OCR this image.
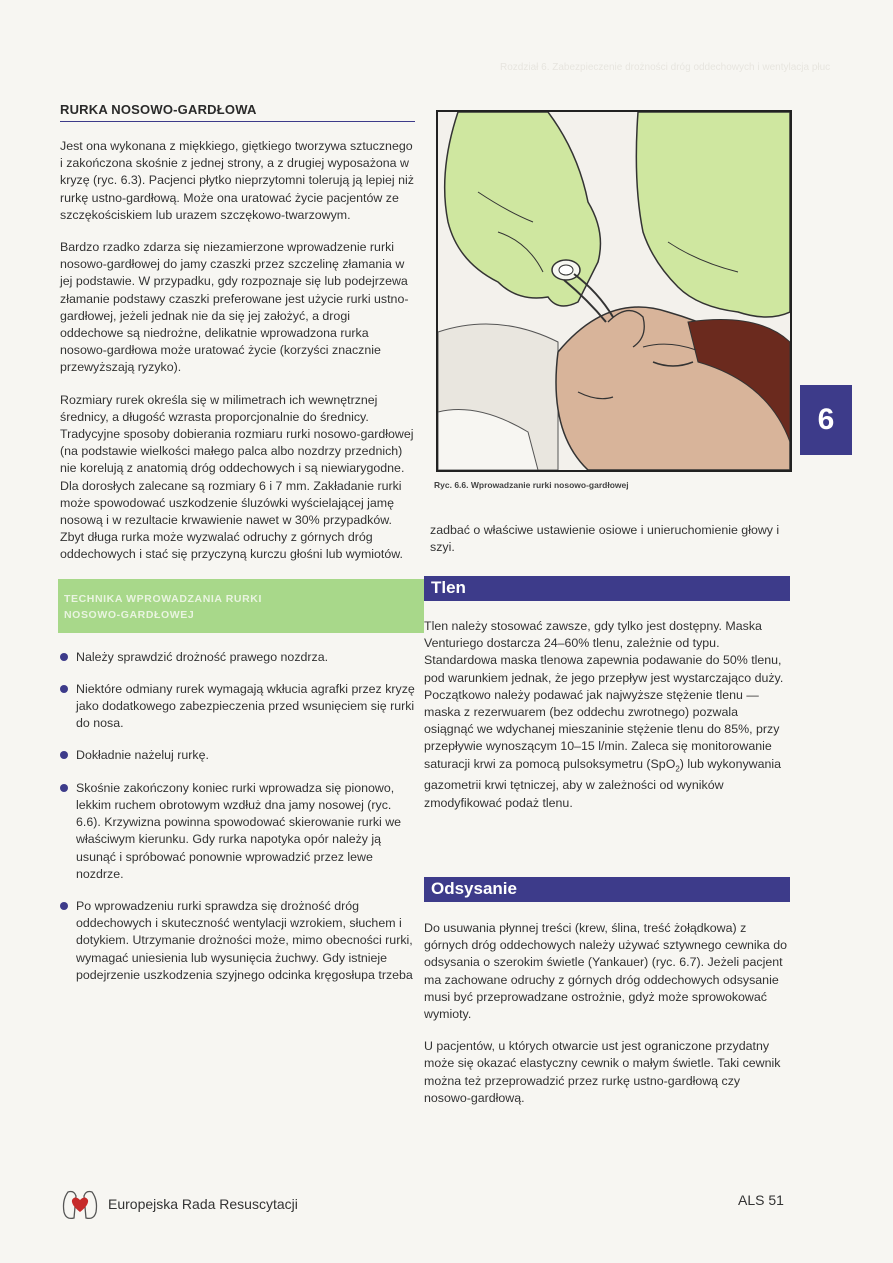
Rozdział 6. Zabezpieczenie drożności dróg oddechowych i wentylacja płuc
RURKA NOSOWO-GARDŁOWA

Jest ona wykonana z miękkiego, giętkiego tworzywa sztucznego i zakończona skośnie z jednej strony, a z drugiej wyposażona w kryzę (ryc. 6.3). Pacjenci płytko nieprzytomni tolerują ją lepiej niż rurkę ustno-gardłową. Może ona uratować życie pacjentów ze szczękościskiem lub urazem szczękowo-twarzowym.

Bardzo rzadko zdarza się niezamierzone wprowadzenie rurki nosowo-gardłowej do jamy czaszki przez szczelinę złamania w jej podstawie. W przypadku, gdy rozpoznaje się lub podejrzewa złamanie podstawy czaszki preferowane jest użycie rurki ustno-gardłowej, jeżeli jednak nie da się jej założyć, a drogi oddechowe są niedrożne, delikatnie wprowadzona rurka nosowo-gardłowa może uratować życie (korzyści znacznie przewyższają ryzyko).

Rozmiary rurek określa się w milimetrach ich wewnętrznej średnicy, a długość wzrasta proporcjonalnie do średnicy. Tradycyjne sposoby dobierania rozmiaru rurki nosowo-gardłowej (na podstawie wielkości małego palca albo nozdrzy przednich) nie korelują z anatomią dróg oddechowych i są niewiarygodne. Dla dorosłych zalecane są rozmiary 6 i 7 mm. Zakładanie rurki może spowodować uszkodzenie śluzówki wyścielającej jamę nosową i w rezultacie krwawienie nawet w 30% przypadków. Zbyt długa rurka może wyzwalać odruchy z górnych dróg oddechowych i stać się przyczyną kurczu głośni lub wymiotów.

TECHNIKA WPROWADZANIA RURKI
NOSOWO-GARDŁOWEJ
Należy sprawdzić drożność prawego nozdrza.
Niektóre odmiany rurek wymagają wkłucia agrafki przez kryzę jako dodatkowego zabezpieczenia przed wsunięciem się rurki do nosa.
Dokładnie nażeluj rurkę.
Skośnie zakończony koniec rurki wprowadza się pionowo, lekkim ruchem obrotowym wzdłuż dna jamy nosowej (ryc. 6.6). Krzywizna powinna spowodować skierowanie rurki we właściwym kierunku. Gdy rurka napotyka opór należy ją usunąć i spróbować ponownie wprowadzić przez lewe nozdrze.
Po wprowadzeniu rurki sprawdza się drożność dróg oddechowych i skuteczność wentylacji wzrokiem, słuchem i dotykiem. Utrzymanie drożności może, mimo obecności rurki, wymagać uniesienia lub wysunięcia żuchwy. Gdy istnieje podejrzenie uszkodzenia szyjnego odcinka kręgosłupa trzeba
Ryc. 6.6. Wprowadzanie rurki nosowo-gardłowej

zadbać o właściwe ustawienie osiowe i unieruchomienie głowy i szyi.

Tlen

Tlen należy stosować zawsze, gdy tylko jest dostępny. Maska Venturiego dostarcza 24–60% tlenu, zależnie od typu. Standardowa maska tlenowa zapewnia podawanie do 50% tlenu, pod warunkiem jednak, że jego przepływ jest wystarczająco duży. Początkowo należy podawać jak najwyższe stężenie tlenu — maska z rezerwuarem (bez oddechu zwrotnego) pozwala osiągnąć we wdychanej mieszaninie stężenie tlenu do 85%, przy przepływie wynoszącym 10–15 l/min. Zaleca się monitorowanie saturacji krwi za pomocą pulsoksymetru (SpO$_2$) lub wykonywania gazometrii krwi tętniczej, aby w zależności od wyników zmodyfikować podaż tlenu.

Odsysanie

Do usuwania płynnej treści (krew, ślina, treść żołądkowa) z górnych dróg oddechowych należy używać sztywnego cewnika do odsysania o szerokim świetle (Yankauer) (ryc. 6.7). Jeżeli pacjent ma zachowane odruchy z górnych dróg oddechowych odsysanie musi być przeprowadzane ostrożnie, gdyż może sprowokować wymioty.

U pacjentów, u których otwarcie ust jest ograniczone przydatny może się okazać elastyczny cewnik o małym świetle. Taki cewnik można też przeprowadzić przez rurkę ustno-gardłową czy nosowo-gardłową.

6
Europejska Rada Resuscytacji	ALS 51
